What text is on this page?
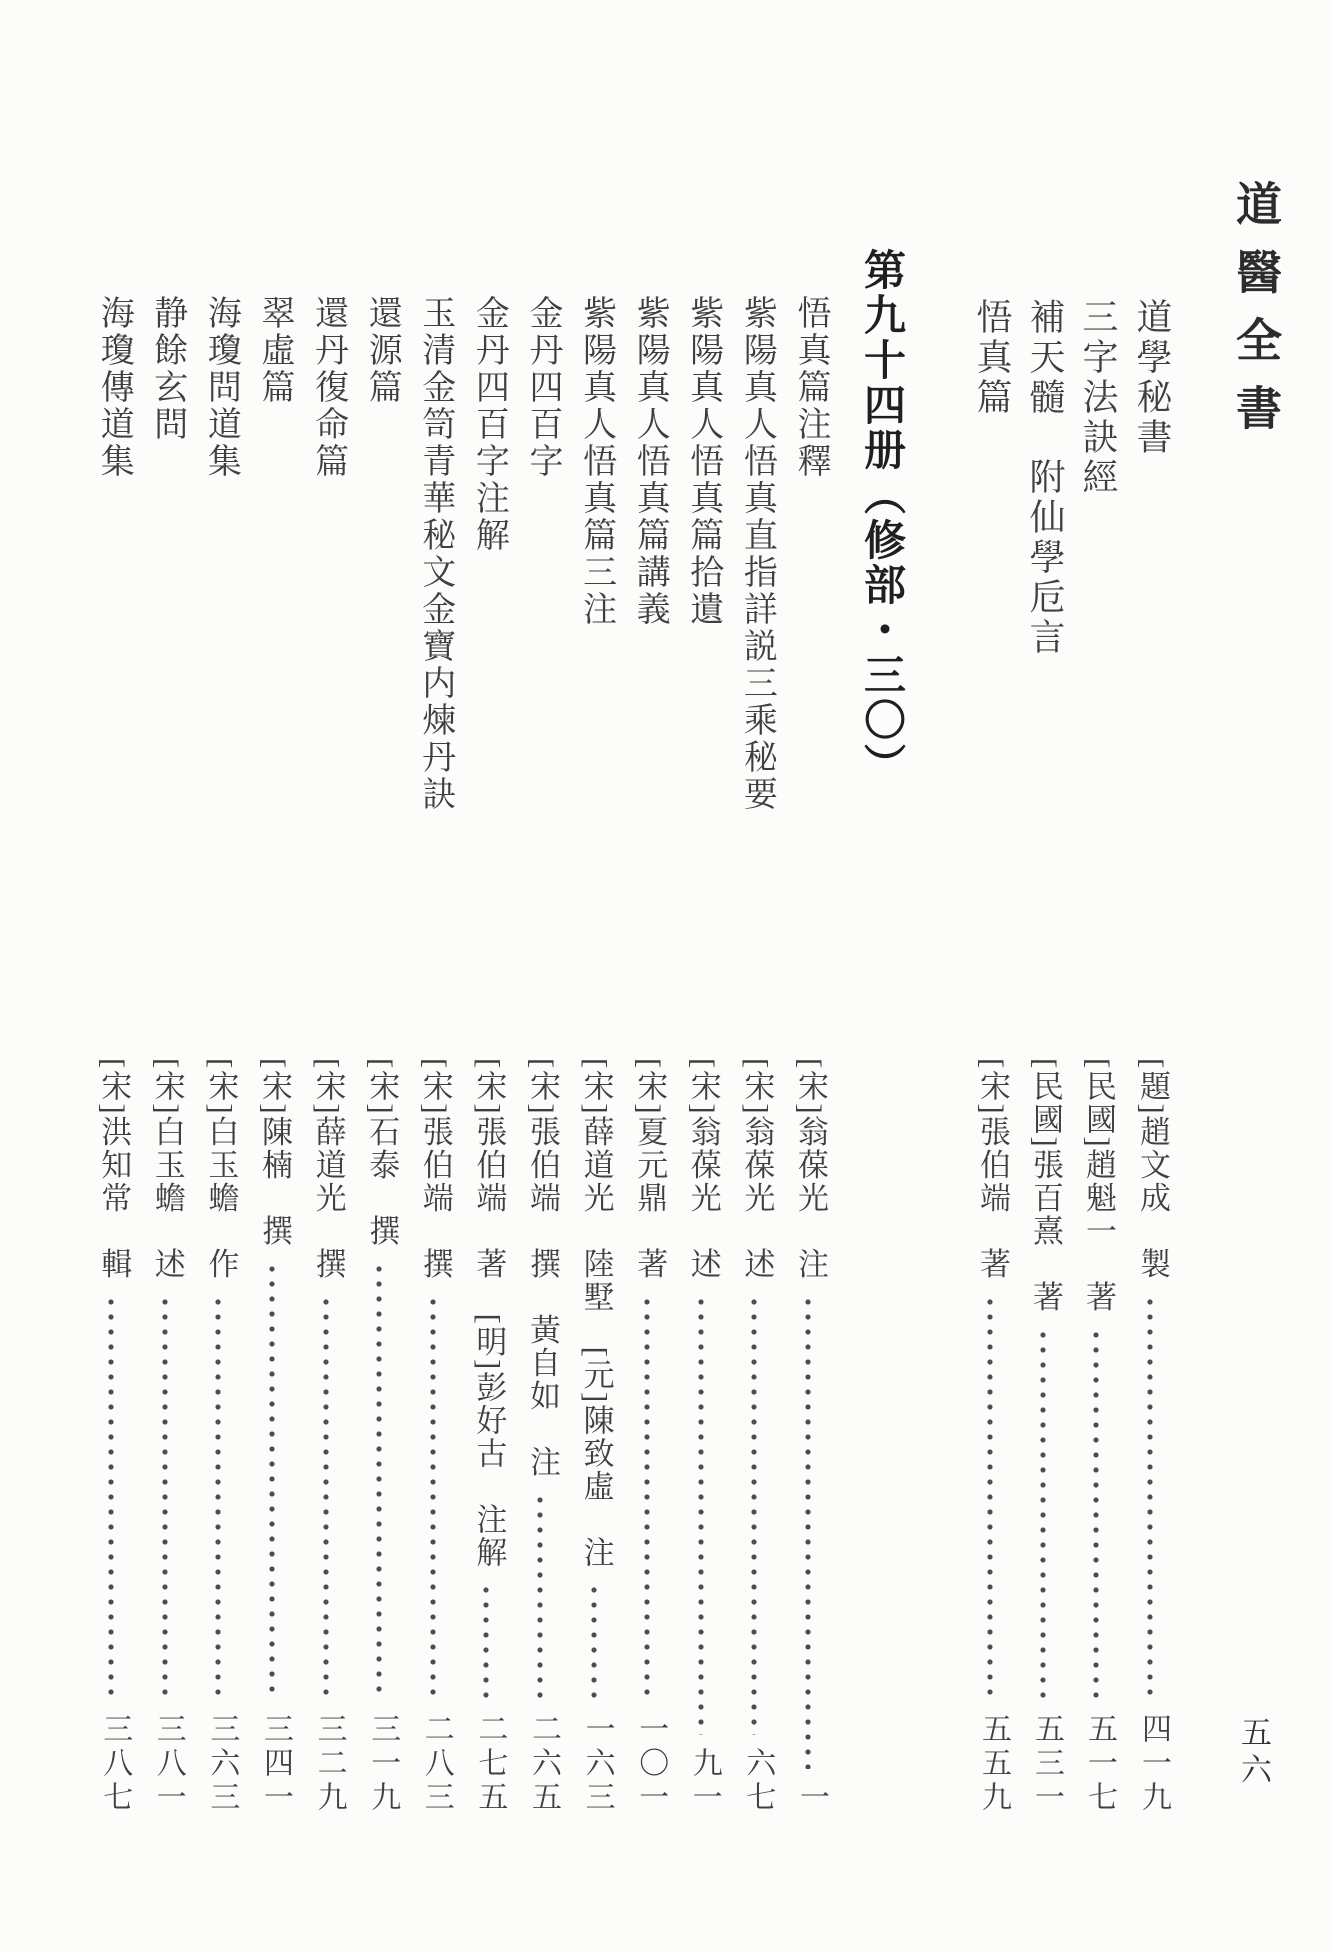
道醫全書
第九十四册（修部・三〇）	道學秘書
[題]趙文成　製
四一九
三字法訣經
[民國]趙魁一　著
五一七
補天髓　附仙學卮言
[民國]張百熹　著
五三一
悟真篇
[宋]張伯端　著
五五九
悟真篇注釋
[宋]翁葆光　注
一
紫陽真人悟真直指詳説三乘秘要
[宋]翁葆光　述
六七
紫陽真人悟真篇拾遺
[宋]翁葆光　述
九一
紫陽真人悟真篇講義
[宋]夏元鼎　著
一〇一
紫陽真人悟真篇三注
[宋]薛道光　陸墅　[元]陳致虛　注
一六三
金丹四百字
[宋]張伯端　撰　黃自如　注
二六五
金丹四百字注解
[宋]張伯端　著　[明]彭好古　注解
二七五
玉清金笥青華秘文金寶内煉丹訣
[宋]張伯端　撰
二八三
還源篇
[宋]石泰　撰
三一九
還丹復命篇
[宋]薛道光　撰
三二九
翠虛篇
[宋]陳楠　撰
三四一
海瓊問道集
[宋]白玉蟾　作
三六三
静餘玄問
[宋]白玉蟾　述
三八一
海瓊傳道集
[宋]洪知常　輯
三八七	五六
